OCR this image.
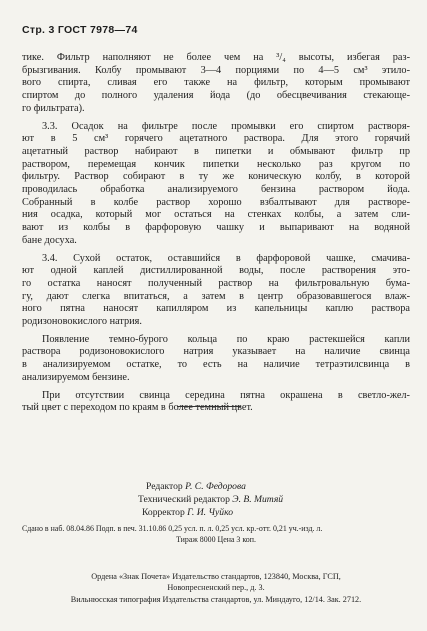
Стр. 3 ГОСТ 7978—74
тике. Фильтр наполняют не более чем на ³/₄ высоты, избегая раз-
брызгивания. Колбу промывают 3—4 порциями по 4—5 см³ этило-
вого спирта, сливая его также на фильтр, которым промывают
спиртом до полного удаления йода (до обесцвечивания стекающе-
го фильтрата).
3.3. Осадок на фильтре после промывки его спиртом растворя-
ют в 5 см³ горячего ацетатного раствора. Для этого горячий
ацетатный раствор набирают в пипетки и обмывают фильтр пр
раствором, перемещая кончик пипетки несколько раз кругом по
фильтру. Раствор собирают в ту же коническую колбу, в которой
проводилась обработка анализируемого бензина раствором йода.
Собранный в колбе раствор хорошо взбалтывают для растворе-
ния осадка, который мог остаться на стенках колбы, а затем сли-
вают из колбы в фарфоровую чашку и выпаривают на водяной
бане досуха.
3.4. Сухой остаток, оставшийся в фарфоровой чашке, смачива-
ют одной каплей дистиллированной воды, после растворения это-
го остатка наносят полученный раствор на фильтровальную бума-
гу, дают слегка впитаться, а затем в центр образовавшегося влаж-
ного пятна наносят капилляром из капельницы каплю раствора
родизоновокислого натрия.
Появление темно-бурого кольца по краю растекшейся капли
раствора родизоновокислого натрия указывает на наличие свинца
в анализируемом остатке, то есть на наличие тетраэтилсвинца в
анализируемом бензине.
При отсутствии свинца середина пятна окрашена в светло-жел-
тый цвет с переходом по краям в более темный цвет.
Редактор Р. С. Федорова
Технический редактор Э. В. Митяй
Корректор Г. И. Чуйко
Сдано в наб. 08.04.86 Подп. в печ. 31.10.86 0,25 усл. п. л. 0,25 усл. кр.-отт. 0,21 уч.-изд. л.
Тираж 8000 Цена 3 коп.
Ордена «Знак Почета» Издательство стандартов, 123840, Москва, ГСП,
Новопресненский пер., д. 3.
Вильнюсская типография Издательства стандартов, ул. Миндауго, 12/14. Зак. 2712.
